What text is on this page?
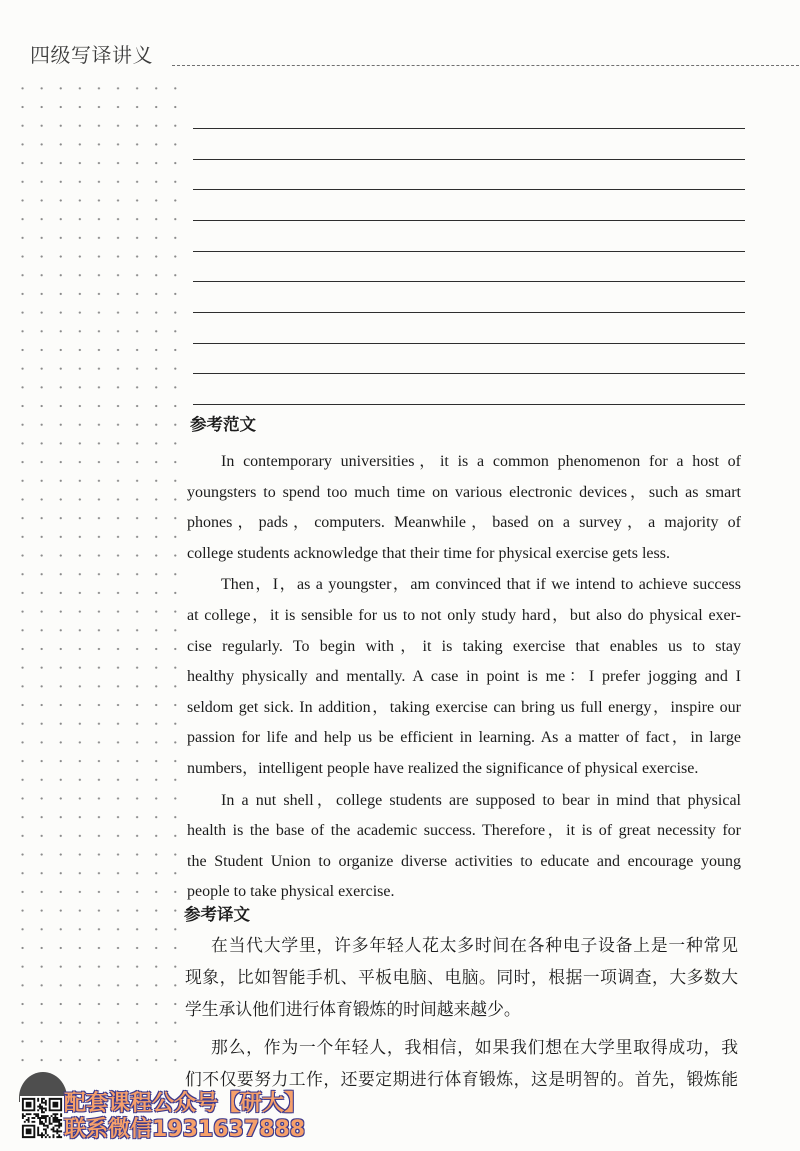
四级写译讲义
参考范文
In contemporary universities，it is a common phenomenon for a host of
youngsters to spend too much time on various electronic devices，such as smart
phones，pads，computers. Meanwhile，based on a survey，a majority of
college students acknowledge that their time for physical exercise gets less.
Then，I，as a youngster，am convinced that if we intend to achieve success
at college，it is sensible for us to not only study hard，but also do physical exer-
cise regularly. To begin with，it is taking exercise that enables us to stay
healthy physically and mentally. A case in point is me：I prefer jogging and I
seldom get sick. In addition，taking exercise can bring us full energy，inspire our
passion for life and help us be efficient in learning. As a matter of fact，in large
numbers，intelligent people have realized the significance of physical exercise.
In a nut shell，college students are supposed to bear in mind that physical
health is the base of the academic success. Therefore，it is of great necessity for
the Student Union to organize diverse activities to educate and encourage young
people to take physical exercise.
参考译文
在当代大学里，许多年轻人花太多时间在各种电子设备上是一种常见
现象，比如智能手机、平板电脑、电脑。同时，根据一项调查，大多数大
学生承认他们进行体育锻炼的时间越来越少。
那么，作为一个年轻人，我相信，如果我们想在大学里取得成功，我
们不仅要努力工作，还要定期进行体育锻炼，这是明智的。首先，锻炼能
配套课程公众号【研大】
联系微信1931637888
